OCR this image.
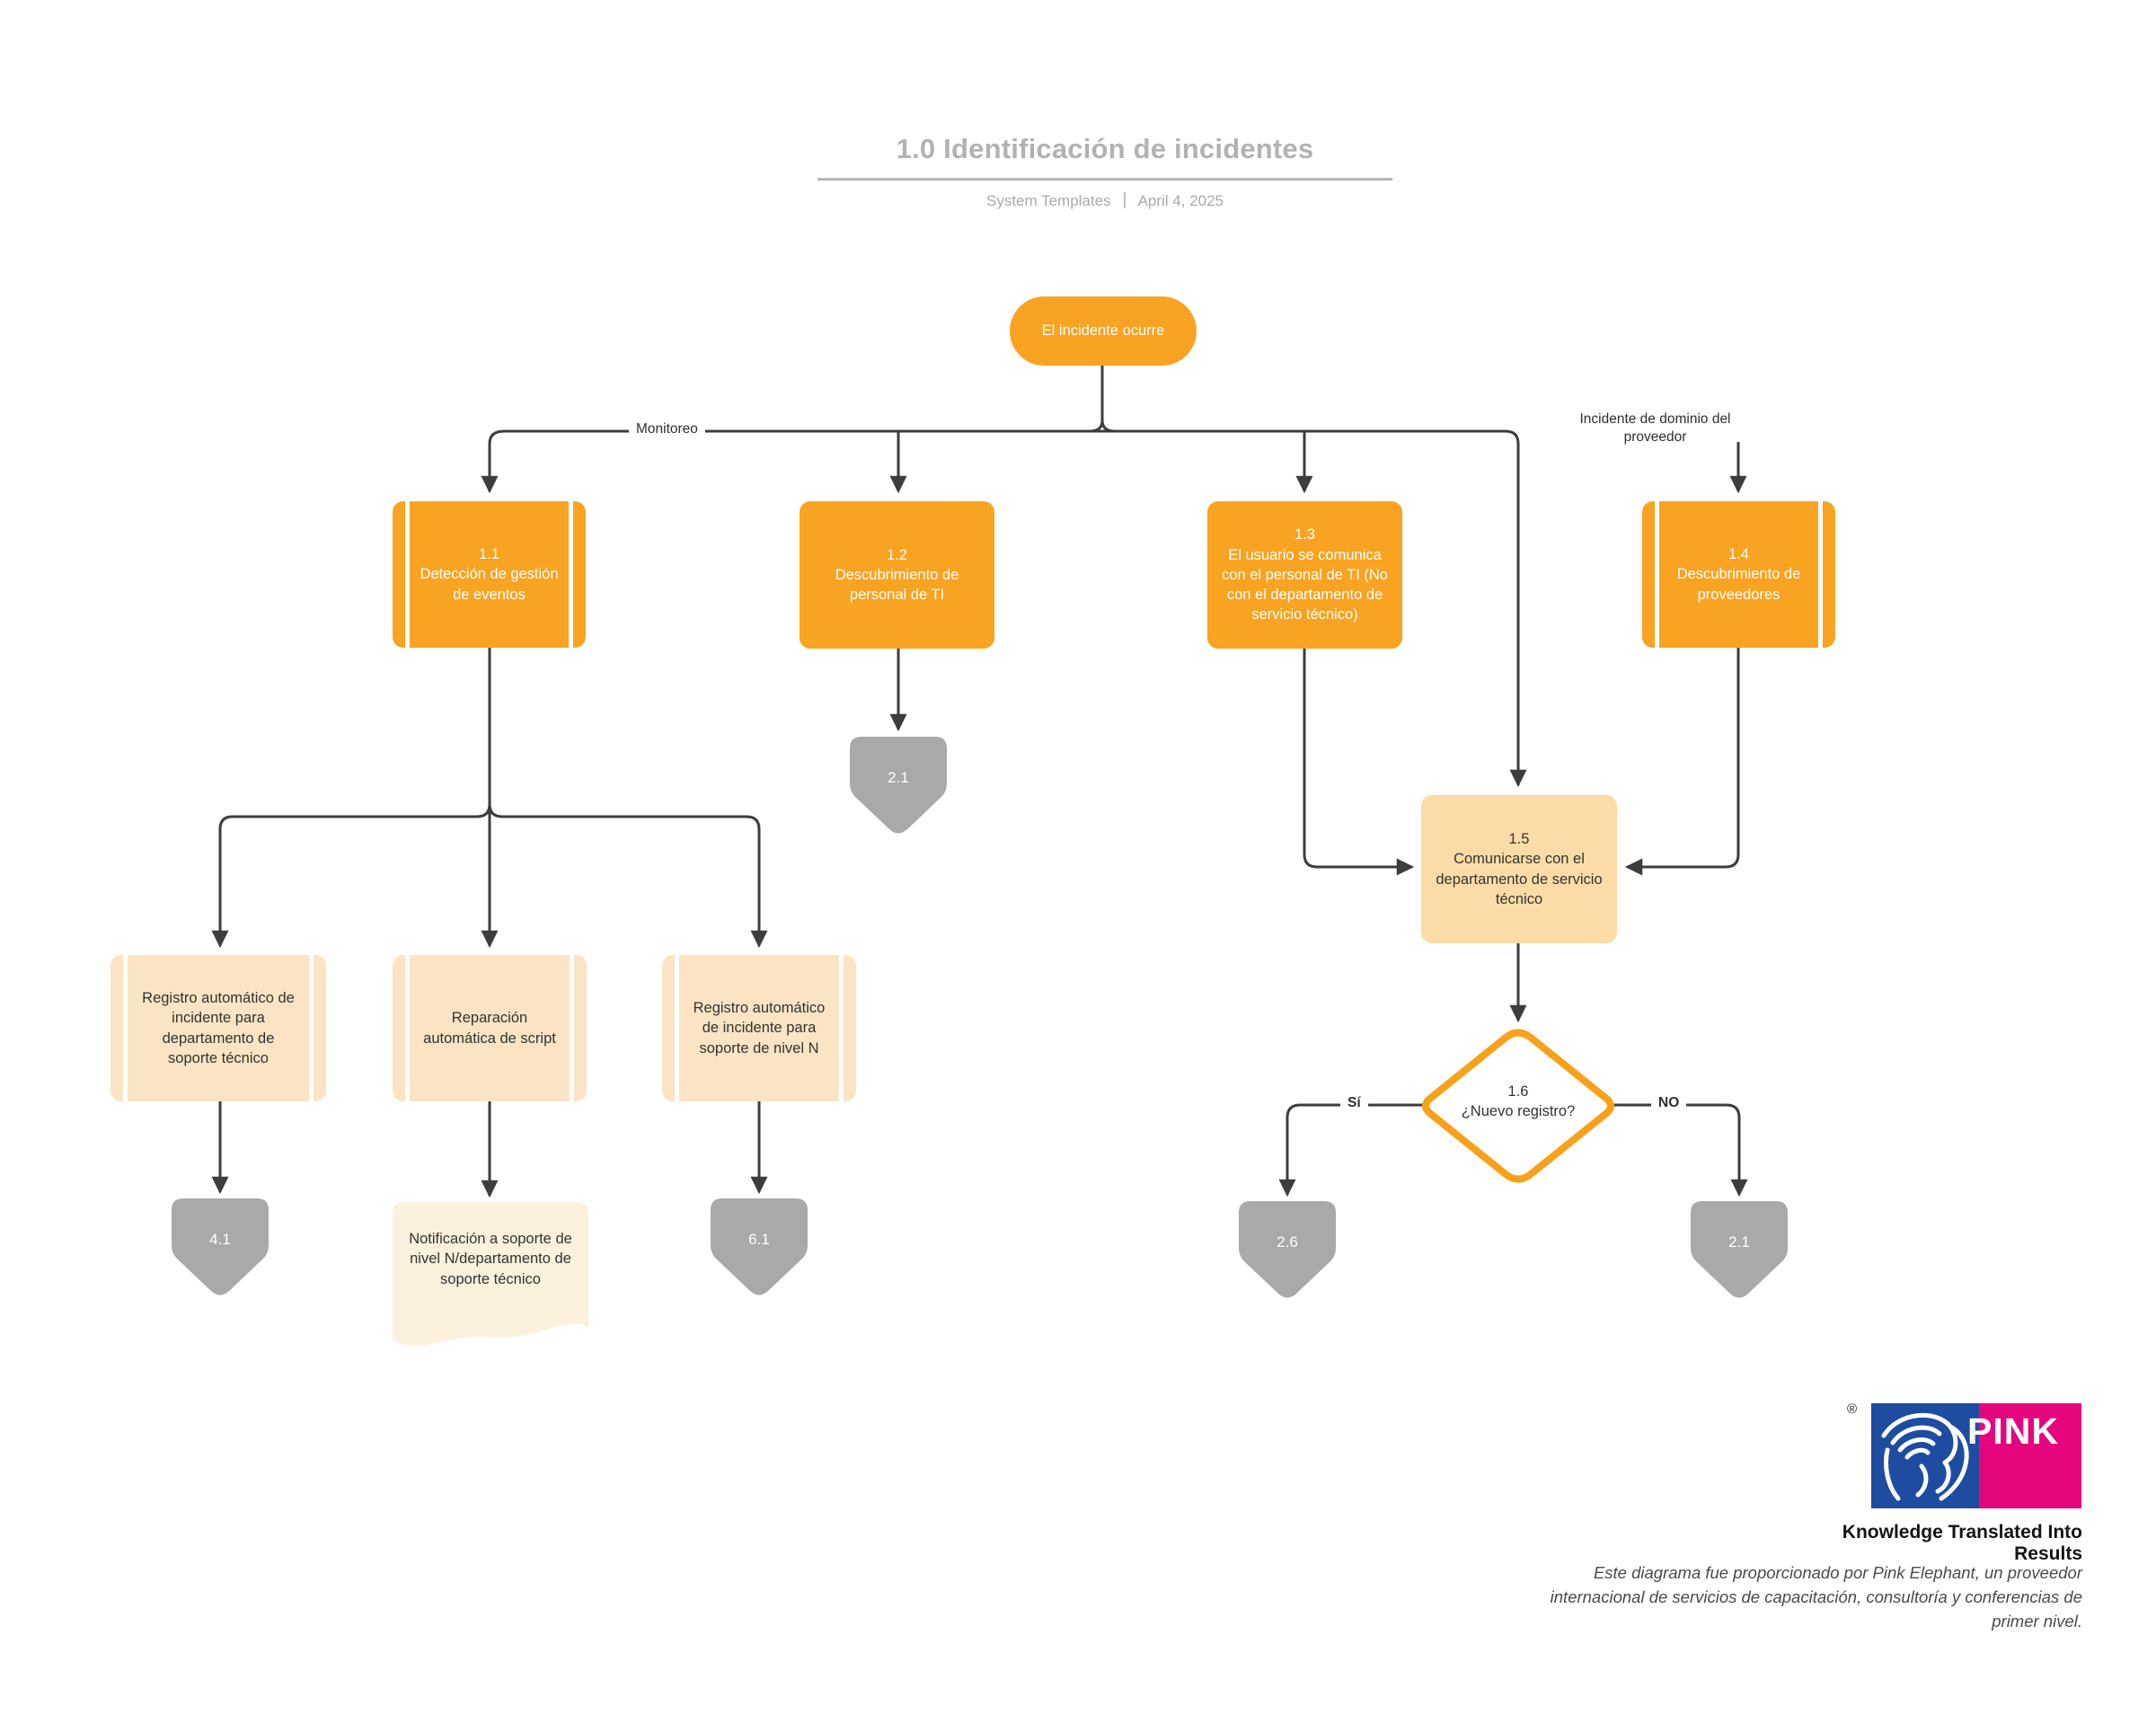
1.0 Identificación de incidentes
System Templates April 4, 2025
El incidente ocurre
1.1
Detección de gestión de eventos
1.2
Descubrimiento de personal de TI
1.3
El usuario se comunica con el personal de TI (No con el departamento de servicio técnico)
1.4
Descubrimiento de proveedores
1.5
Comunicarse con el departamento de servicio técnico
Registro automático de incidente para departamento de soporte técnico
Reparación automática de script
Registro automático de incidente para soporte de nivel N
1.6
¿Nuevo registro?
Notificación a soporte de nivel N/departamento de soporte técnico
2.1
4.1	6.1	2.6	2.1
Monitoreo
Incidente de dominio del proveedor
Sí	NO
®
PINK
Knowledge Translated Into Results
Este diagrama fue proporcionado por Pink Elephant, un proveedor internacional de servicios de capacitación, consultoría y conferencias de primer nivel.
